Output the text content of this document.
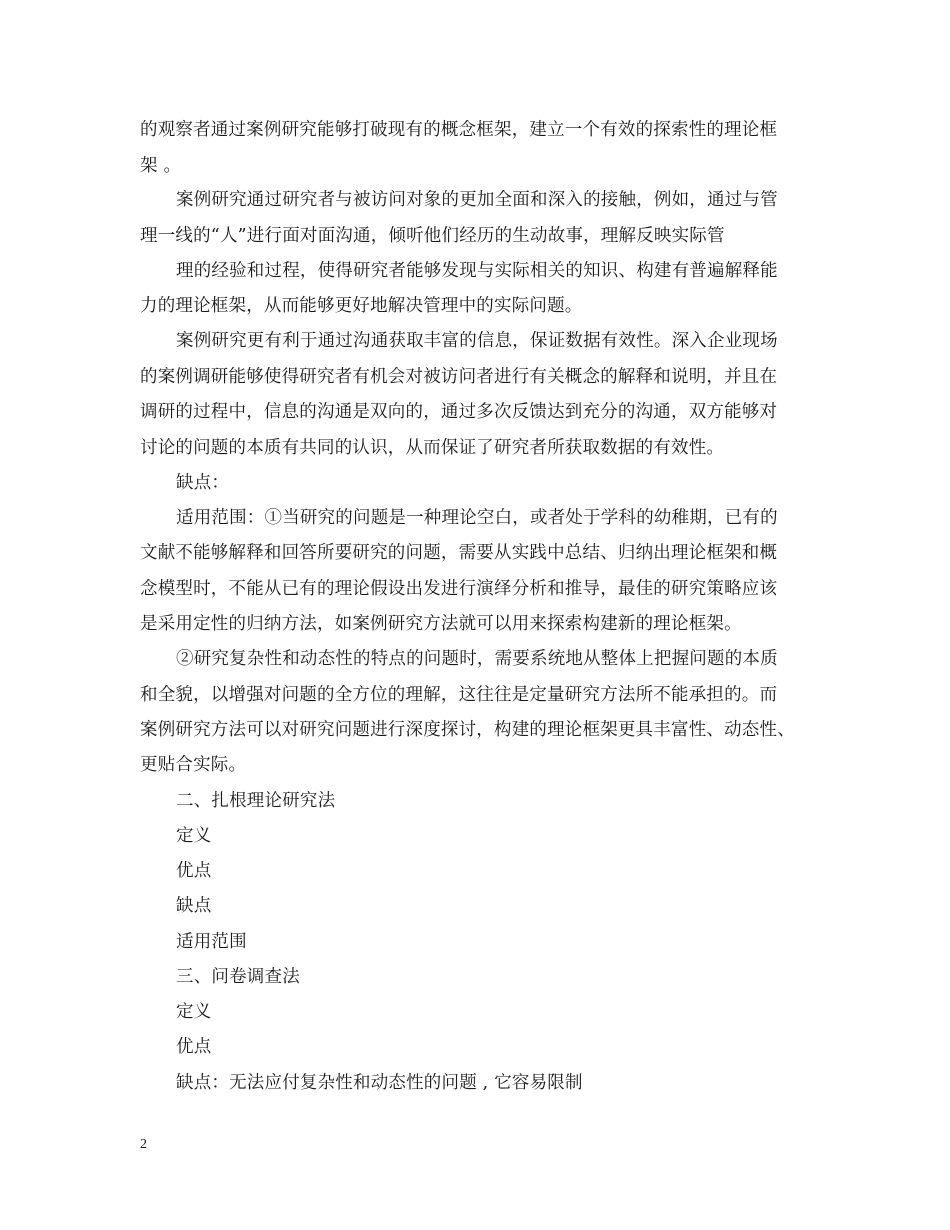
的观察者通过案例研究能够打破现有的概念框架，建立一个有效的探索性的理论框
架 。
案例研究通过研究者与被访问对象的更加全面和深入的接触，例如，通过与管
理一线的“人”进行面对面沟通，倾听他们经历的生动故事，理解反映实际管
理的经验和过程，使得研究者能够发现与实际相关的知识、构建有普遍解释能
力的理论框架，从而能够更好地解决管理中的实际问题。
案例研究更有利于通过沟通获取丰富的信息，保证数据有效性。深入企业现场
的案例调研能够使得研究者有机会对被访问者进行有关概念的解释和说明，并且在
调研的过程中，信息的沟通是双向的，通过多次反馈达到充分的沟通，双方能够对
讨论的问题的本质有共同的认识，从而保证了研究者所获取数据的有效性。
缺点：
适用范围：①当研究的问题是一种理论空白，或者处于学科的幼稚期，已有的
文献不能够解释和回答所要研究的问题，需要从实践中总结、归纳出理论框架和概
念模型时，不能从已有的理论假设出发进行演绎分析和推导，最佳的研究策略应该
是采用定性的归纳方法，如案例研究方法就可以用来探索构建新的理论框架。
②研究复杂性和动态性的特点的问题时，需要系统地从整体上把握问题的本质
和全貌，以增强对问题的全方位的理解，这往往是定量研究方法所不能承担的。而
案例研究方法可以对研究问题进行深度探讨，构建的理论框架更具丰富性、动态性、
更贴合实际。
二、扎根理论研究法
定义
优点
缺点
适用范围
三、问卷调查法
定义
优点
缺点：无法应付复杂性和动态性的问题 , 它容易限制
2
